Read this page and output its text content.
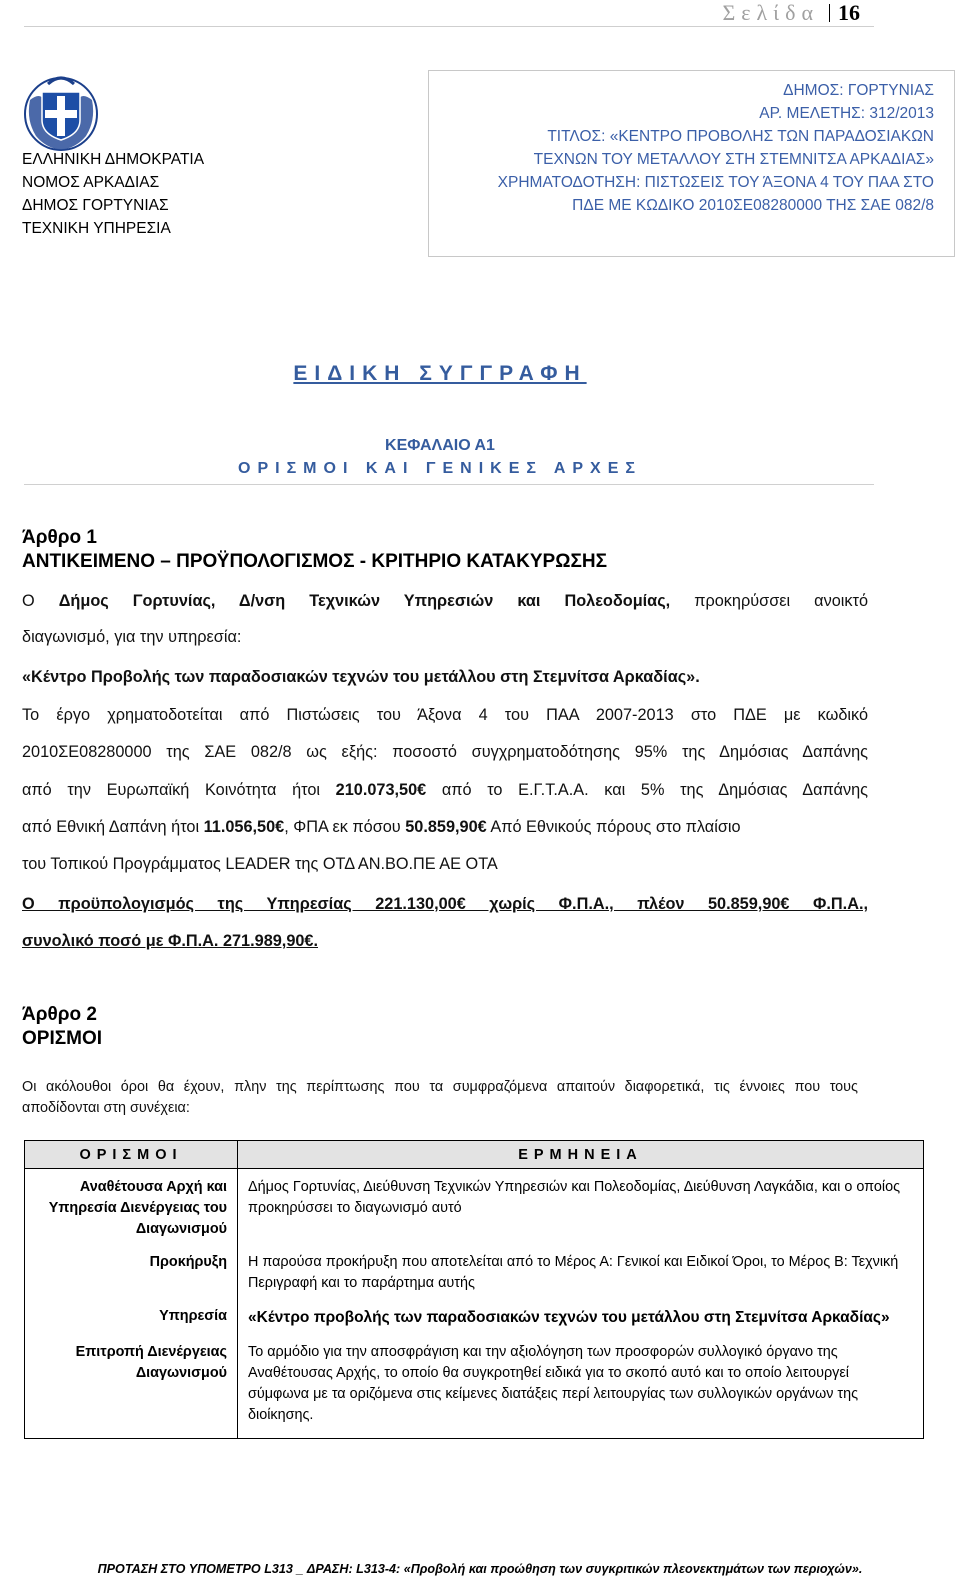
Σελίδα 16
ΕΛΛΗΝΙΚΗ ΔΗΜΟΚΡΑΤΙΑ
ΝΟΜΟΣ ΑΡΚΑΔΙΑΣ
ΔΗΜΟΣ ΓΟΡΤΥΝΙΑΣ
ΤΕΧΝΙΚΗ ΥΠΗΡΕΣΙΑ
ΔΗΜΟΣ: ΓΟΡΤΥΝΙΑΣ
ΑΡ. ΜΕΛΕΤΗΣ: 312/2013
ΤΙΤΛΟΣ: «ΚΕΝΤΡΟ ΠΡΟΒΟΛΗΣ ΤΩΝ ΠΑΡΑΔΟΣΙΑΚΩΝ
ΤΕΧΝΩΝ ΤΟΥ ΜΕΤΑΛΛΟΥ ΣΤΗ ΣΤΕΜΝΙΤΣΑ ΑΡΚΑΔΙΑΣ»
ΧΡΗΜΑΤΟΔΟΤΗΣΗ: ΠΙΣΤΩΣΕΙΣ ΤΟΥ ΆΞΟΝΑ 4 ΤΟΥ ΠΑΑ ΣΤΟ
ΠΔΕ ΜΕ ΚΩΔΙΚΟ 2010ΣΕ08280000 ΤΗΣ ΣΑΕ 082/8
ΕΙΔΙΚΗ ΣΥΓΓΡΑΦΗ
ΚΕΦΑΛΑΙΟ Α1
ΟΡΙΣΜΟΙ ΚΑΙ ΓΕΝΙΚΕΣ ΑΡΧΕΣ
Άρθρο 1
ΑΝΤΙΚΕΙΜΕΝΟ – ΠΡΟΫΠΟΛΟΓΙΣΜΟΣ - ΚΡΙΤΗΡΙΟ ΚΑΤΑΚΥΡΩΣΗΣ
Ο Δήμος Γορτυνίας, Δ/νση Τεχνικών Υπηρεσιών και Πολεοδομίας, προκηρύσσει ανοικτό
διαγωνισμό, για την υπηρεσία:
«Κέντρο Προβολής των παραδοσιακών τεχνών του μετάλλου στη Στεμνίτσα Αρκαδίας».
Το έργο χρηματοδοτείται από Πιστώσεις του Άξονα 4 του ΠΑΑ 2007-2013 στο ΠΔΕ με κωδικό
2010ΣΕ08280000 της ΣΑΕ 082/8 ως εξής: ποσοστό συγχρηματοδότησης 95% της Δημόσιας Δαπάνης
από την Ευρωπαϊκή Κοινότητα ήτοι 210.073,50€ από το Ε.Γ.Τ.Α.Α. και 5% της Δημόσιας Δαπάνης
από Εθνική Δαπάνη ήτοι 11.056,50€, ΦΠΑ εκ πόσου 50.859,90€ Από Εθνικούς πόρους στο πλαίσιο
του Τοπικού Προγράμματος LEADER της ΟΤΔ ΑΝ.ΒΟ.ΠΕ ΑΕ ΟΤΑ
Ο προϋπολογισμός της Υπηρεσίας 221.130,00€ χωρίς Φ.Π.Α., πλέον 50.859,90€ Φ.Π.Α.,
συνολικό ποσό με Φ.Π.Α. 271.989,90€.
Άρθρο 2
ΟΡΙΣΜΟΙ
Οι ακόλουθοι όροι θα έχουν, πλην της περίπτωσης που τα συμφραζόμενα απαιτούν διαφορετικά, τις έννοιες που τους
αποδίδονται στη συνέχεια:
ΟΡΙΣΜΟΙ	ΕΡΜΗΝΕΙΑ
Αναθέτουσα Αρχή και Υπηρεσία Διενέργειας του Διαγωνισμού	Δήμος Γορτυνίας, Διεύθυνση Τεχνικών Υπηρεσιών και Πολεοδομίας, Διεύθυνση Λαγκάδια, και ο οποίος προκηρύσσει το διαγωνισμό αυτό
Προκήρυξη	Η παρούσα προκήρυξη που αποτελείται από το Μέρος Α: Γενικοί και Ειδικοί Όροι, το Μέρος Β: Τεχνική Περιγραφή και το παράρτημα αυτής
Υπηρεσία	«Κέντρο προβολής των παραδοσιακών τεχνών του μετάλλου στη Στεμνίτσα Αρκαδίας»
Επιτροπή Διενέργειας Διαγωνισμού	Το αρμόδιο για την αποσφράγιση και την αξιολόγηση των προσφορών συλλογικό όργανο της Αναθέτουσας Αρχής, το οποίο θα συγκροτηθεί ειδικά για το σκοπό αυτό και το οποίο λειτουργεί σύμφωνα με τα οριζόμενα στις κείμενες διατάξεις περί λειτουργίας των συλλογικών οργάνων της διοίκησης.
ΠΡΟΤΑΣΗ ΣΤΟ ΥΠΟΜΕΤΡΟ L313 _ ΔΡΑΣΗ: L313-4: «Προβολή και προώθηση των συγκριτικών πλεονεκτημάτων των περιοχών».
